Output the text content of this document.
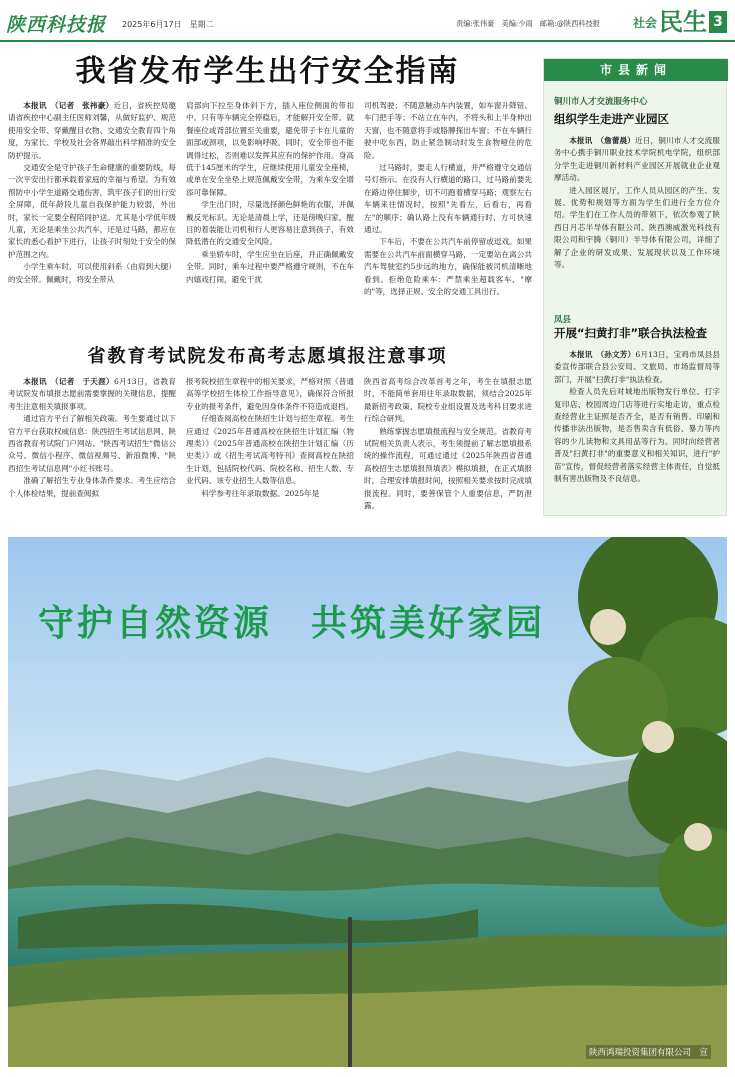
陕西科技报 2025年6月17日　星期二	责编:张伟豪　美编:少雨　邮箱:@陕西科技报	社会 民生 3
我省发布学生出行安全指南

本报讯　（记者　张祎豪）近日，省疾控局邀请省疾控中心副主任医师刘馨，从做好监护、规范使用安全带、穿戴醒目衣物、交通安全教育四个角度，为家长、学校及社会各界敲出科学精准的安全防护提示。

交通安全是守护孩子生命健康的重要防线，每一次平安出行都承载着家庭的幸福与希望。为有效预防中小学生道路交通伤害，筑牢孩子们的出行安全屏障，低年龄段儿童自我保护能力较弱，外出时，家长一定要全程陪同护送。尤其是小学低年级儿童，无论是乘坐公共汽车，还是过马路，都应在家长的悉心看护下进行，让孩子时刻处于安全的保护范围之内。

小学生乘车时，可以使用斜系（由肩到大腿）的安全带。佩戴时，将安全带从

肩部向下拉至身体斜下方，插入座位侧面的带扣中。只有等车辆完全停稳后，才能解开安全带。就餐座位或背部位置至关重要，避免带子卡在儿童的面部或颈项，以免影响呼吸。同时，安全带也不能调得过松，否则难以发挥其应有的保护作用。身高低于145厘米的学生，应继续使用儿童安全座椅，或单在安全坐垫上规范佩戴安全带，为乘车安全增添可靠保障。

学生出门时，尽量选择颜色鲜艳的衣服，并佩戴反光标识。无论是清晨上学，还是傍晚归家，醒目的着装能让司机和行人更容易注意到孩子，有效降低潜在的交通安全风险。

乘坐轿车时，学生应坐在后座，并正确佩戴安全带。同时，乘车过程中要严格遵守规则，不在车内嬉戏打闹，避免干扰

司机驾驶；不随意触动车内装置，如车窗升降钮、车门把手等；不站立在车内，不将头和上半身伸出天窗，也不随意将手或胳膊探出车窗；不在车辆行驶中吃东西，防止紧急制动时发生食物噎住的危险。

过马路时，要走人行横道，并严格遵守交通信号灯指示。在没有人行横道的路口，过马路前要先在路边停住脚步，切不可跑着横穿马路；观察左右车辆来往情况时，按照"先看左，后看右，再看左"的顺序；确认路上没有车辆通行时，方可快速通过。

下车后，不要在公共汽车前停留或逗戏。如果需要在公共汽车前面横穿马路，一定要站在离公共汽车驾驶室约5步远的地方，确保能被司机清晰地看到。拒绝危险乘车：严禁乘坐超载客车、"摩的"等，选择正规、安全的交通工具出行。

省教育考试院发布高考志愿填报注意事项

本报讯　（记者　于天涯）6月13日，省教育考试院发布填报志愿前需要掌握的关键信息，提醒考生注意相关填报事项。

通过官方平台了解相关政策。考生要通过以下官方平台获取权威信息：陕西招生考试信息网、陕西省教育考试院门户网站、"陕西考试招生"微信公众号、微信小程序、微信视频号、新浪微博、"陕西招生考试信息网"小红书账号。

准确了解招生专业身体条件要求。考生应结合个人体检结果，提前查阅拟

报考院校招生章程中的相关要求，严格对照《普通高等学校招生体检工作指导意见》，确保符合所报专业的报考条件，避免因身体条件不符造成退档。

仔细查阅高校在陕招生计划与招生章程。考生应通过《2025年普通高校在陕招生计划汇编（物理类）》《2025年普通高校在陕招生计划汇编（历史类）》或《招生考试高考特刊》查阅高校在陕招生计划，包括院校代码、院校名称、招生人数、专业代码、该专业招生人数等信息。

科学参考往年录取数据。2025年是

陕西省高考综合改革首考之年，考生在填报志愿时，不能简单套用往年录取数据，须结合2025年最新招考政策、院校专业组设置及选考科目要求进行综合研判。

熟练掌握志愿填报流程与安全规范。省教育考试院相关负责人表示，考生须提前了解志愿填报系统的操作流程，可通过通过《2025年陕西省普通高校招生志愿填报预填表》模拟填报，在正式填报时，合理安排填报时间，按照相关要求按时完成填报流程。同时，要善保管个人重要信息，严防泄露。

市县新闻
铜川市人才交流服务中心
组织学生走进产业园区

本报讯　（詹蕾晨）近日，铜川市人才交流服务中心携手铜川职业技术学院机电学院，组织部分学生走进铜川新材料产业园区开展就业企业观摩活动。

进入园区展厅，工作人员从园区的产生、发展、优势和规划等方面为学生们进行全方位介绍。学生们在工作人员的带领下，依次参观了陕西日月芯半导体有限公司、陕西澳威激光科技有限公司和宇腾（铜川）半导体有限公司，详细了解了企业的研发成果、发展现状以及工作环境等。

凤县
开展“扫黄打非”联合执法检查

本报讯　（孙文芳）6月13日，宝鸡市凤县县委宣传部联合县公安局、文旅局、市场监督局等部门，开展"扫黄打非"执法检查。

检查人员先后对城地出版物发行单位、打字复印店、校园周边门店等进行实地走访，重点检查经营业主证照是否齐全，是否有销售、印刷和传播非法出版物，是否售卖含有低俗、暴力等内容的少儿读物和文具用品等行为。同时向经营者普及"扫黄打非"的重要意义和相关知识，进行"护苗"宣传，督促经营者落实经营主体责任，自觉抵制有害出版物及不良信息。

守护自然资源　共筑美好家园
陕西鸿瑞投资集团有限公司　宣
